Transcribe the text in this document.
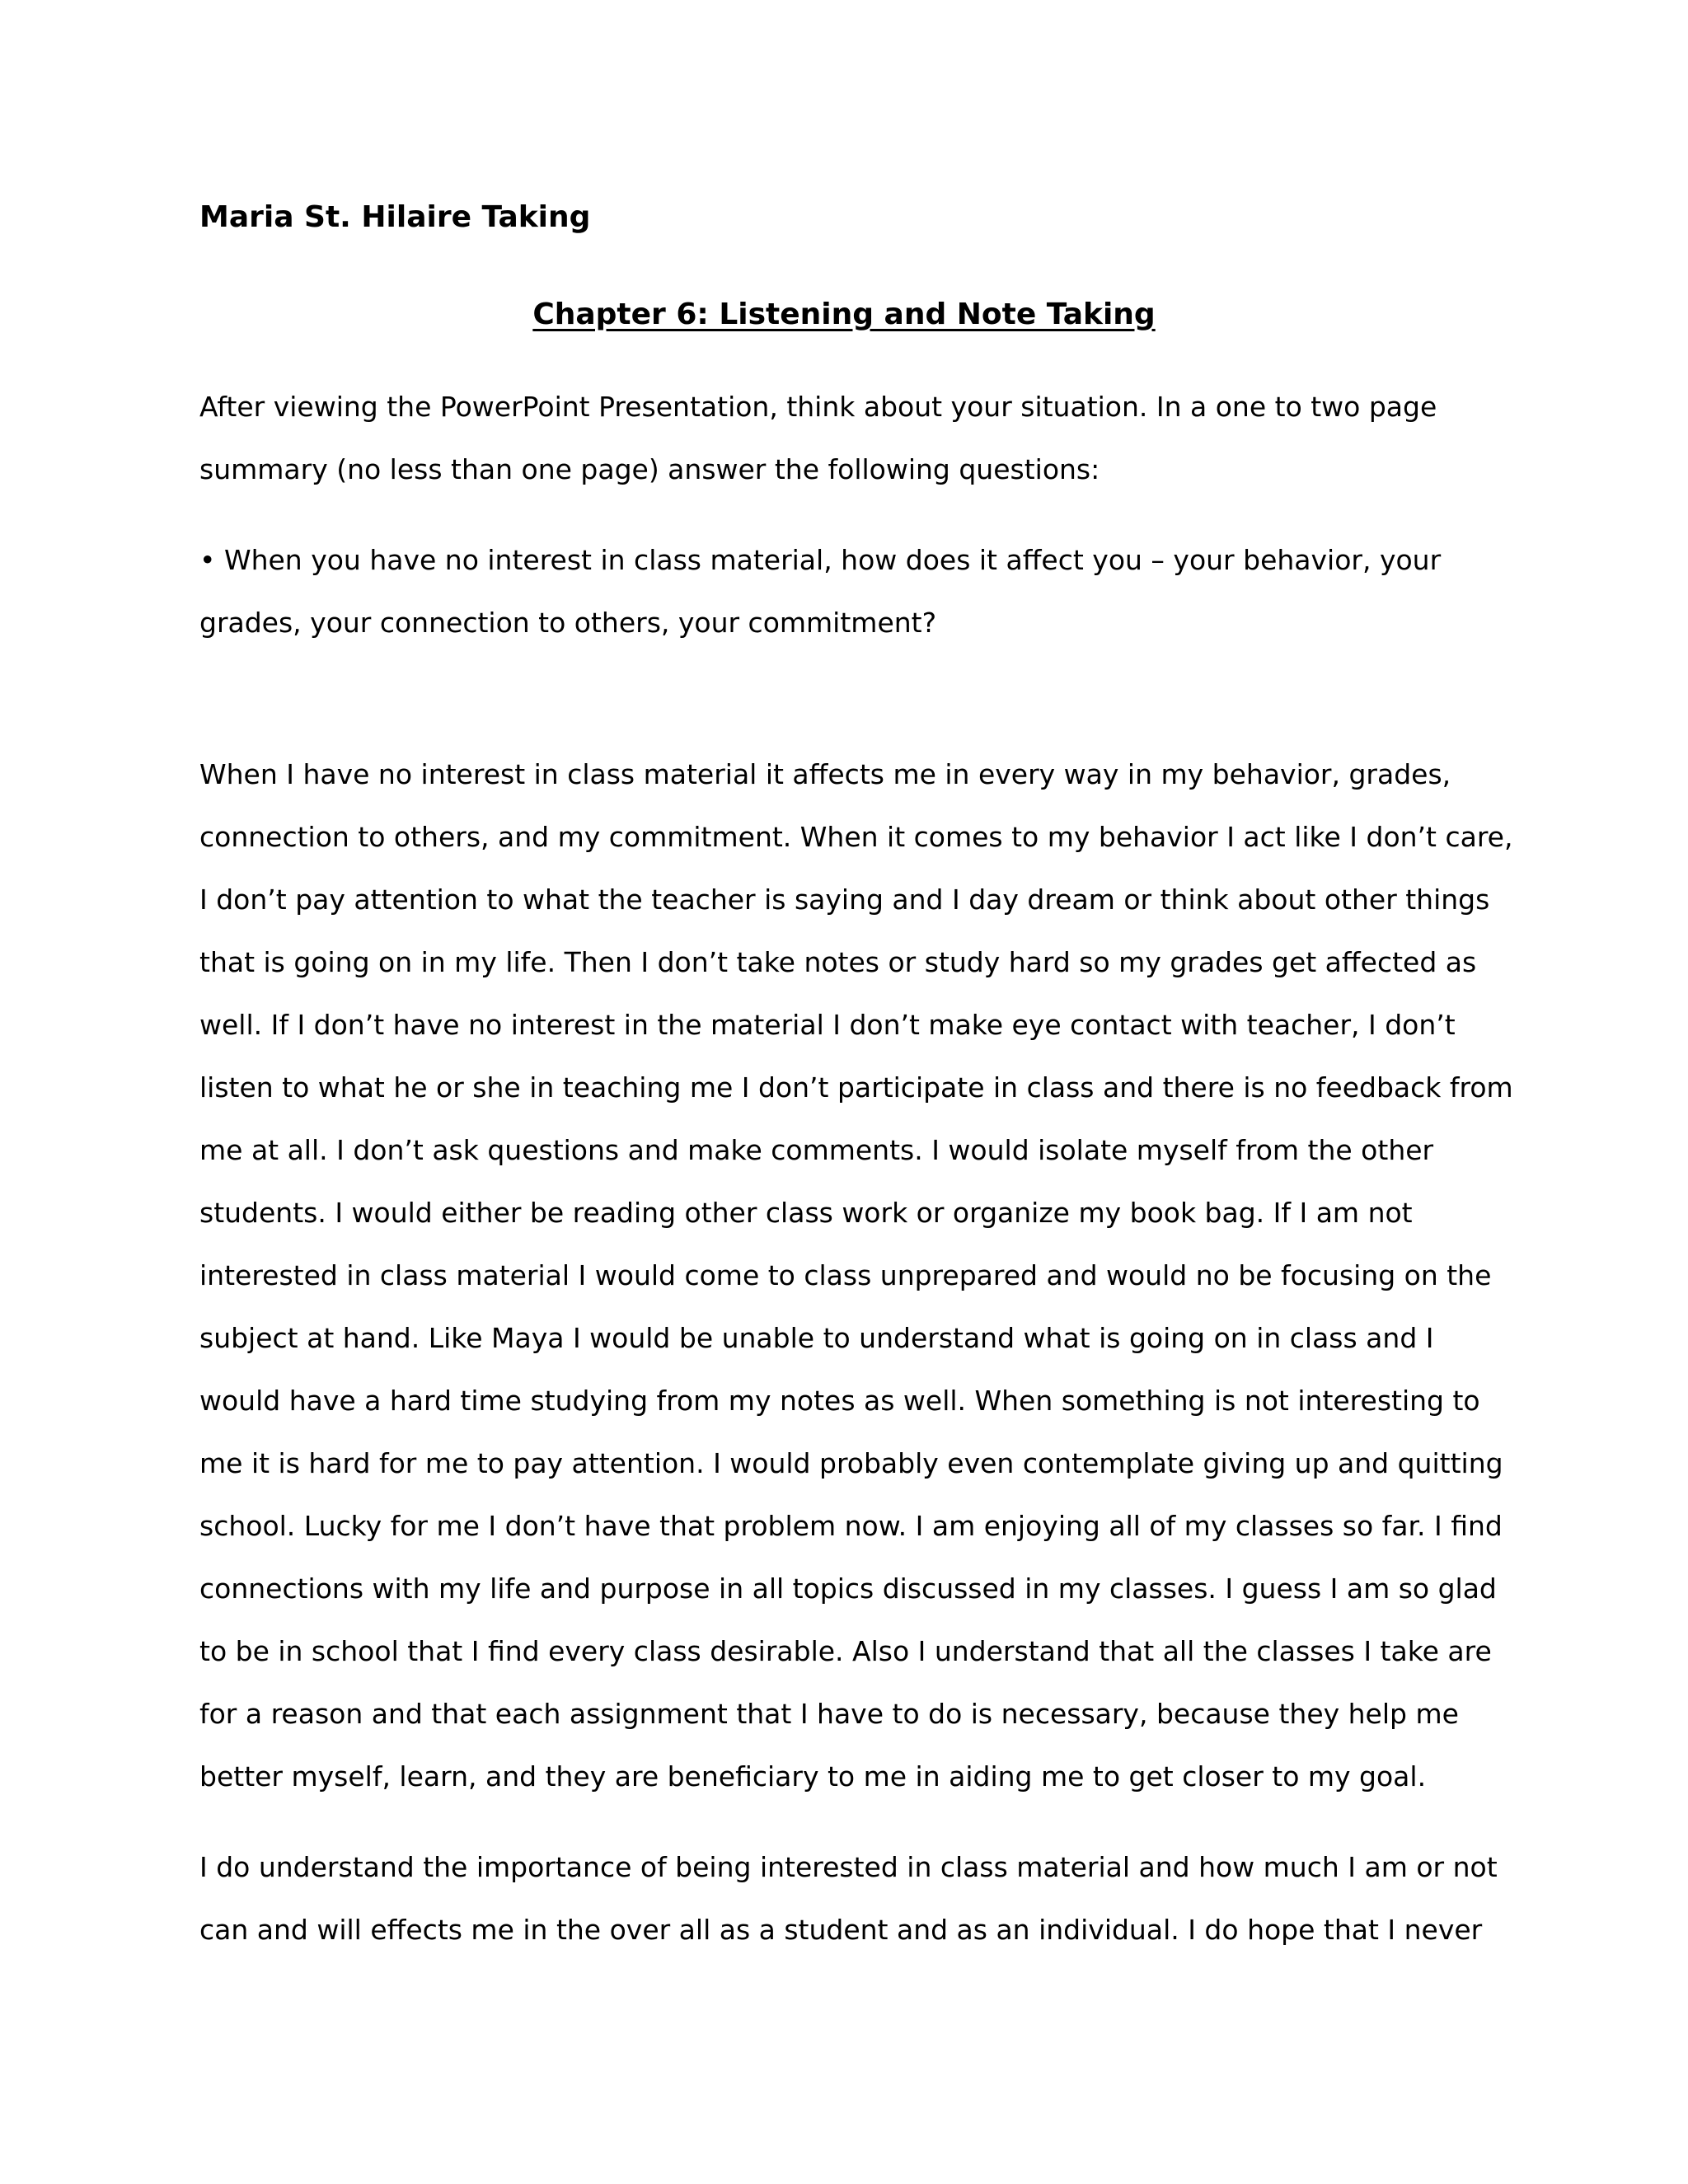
Maria St. Hilaire Taking
Chapter 6: Listening and Note Taking
After viewing the PowerPoint Presentation, think about your situation. In a one to two page
summary (no less than one page) answer the following questions:
• When you have no interest in class material, how does it affect you – your behavior, your
grades, your connection to others, your commitment?
When I have no interest in class material it affects me in every way in my behavior, grades,
connection to others, and my commitment. When it comes to my behavior I act like I don’t care,
I don’t pay attention to what the teacher is saying and I day dream or think about other things
that is going on in my life. Then I don’t take notes or study hard so my grades get affected as
well. If I don’t have no interest in the material I don’t make eye contact with teacher, I don’t
listen to what he or she in teaching me I don’t participate in class and there is no feedback from
me at all. I don’t ask questions and make comments. I would isolate myself from the other
students. I would either be reading other class work or organize my book bag. If I am not
interested in class material I would come to class unprepared and would no be focusing on the
subject at hand. Like Maya I would be unable to understand what is going on in class and I
would have a hard time studying from my notes as well. When something is not interesting to
me it is hard for me to pay attention. I would probably even contemplate giving up and quitting
school. Lucky for me I don’t have that problem now. I am enjoying all of my classes so far. I find
connections with my life and purpose in all topics discussed in my classes. I guess I am so glad
to be in school that I find every class desirable. Also I understand that all the classes I take are
for a reason and that each assignment that I have to do is necessary, because they help me
better myself, learn, and they are beneficiary to me in aiding me to get closer to my goal.
I do understand the importance of being interested in class material and how much I am or not
can and will effects me in the over all as a student and as an individual. I do hope that I never
